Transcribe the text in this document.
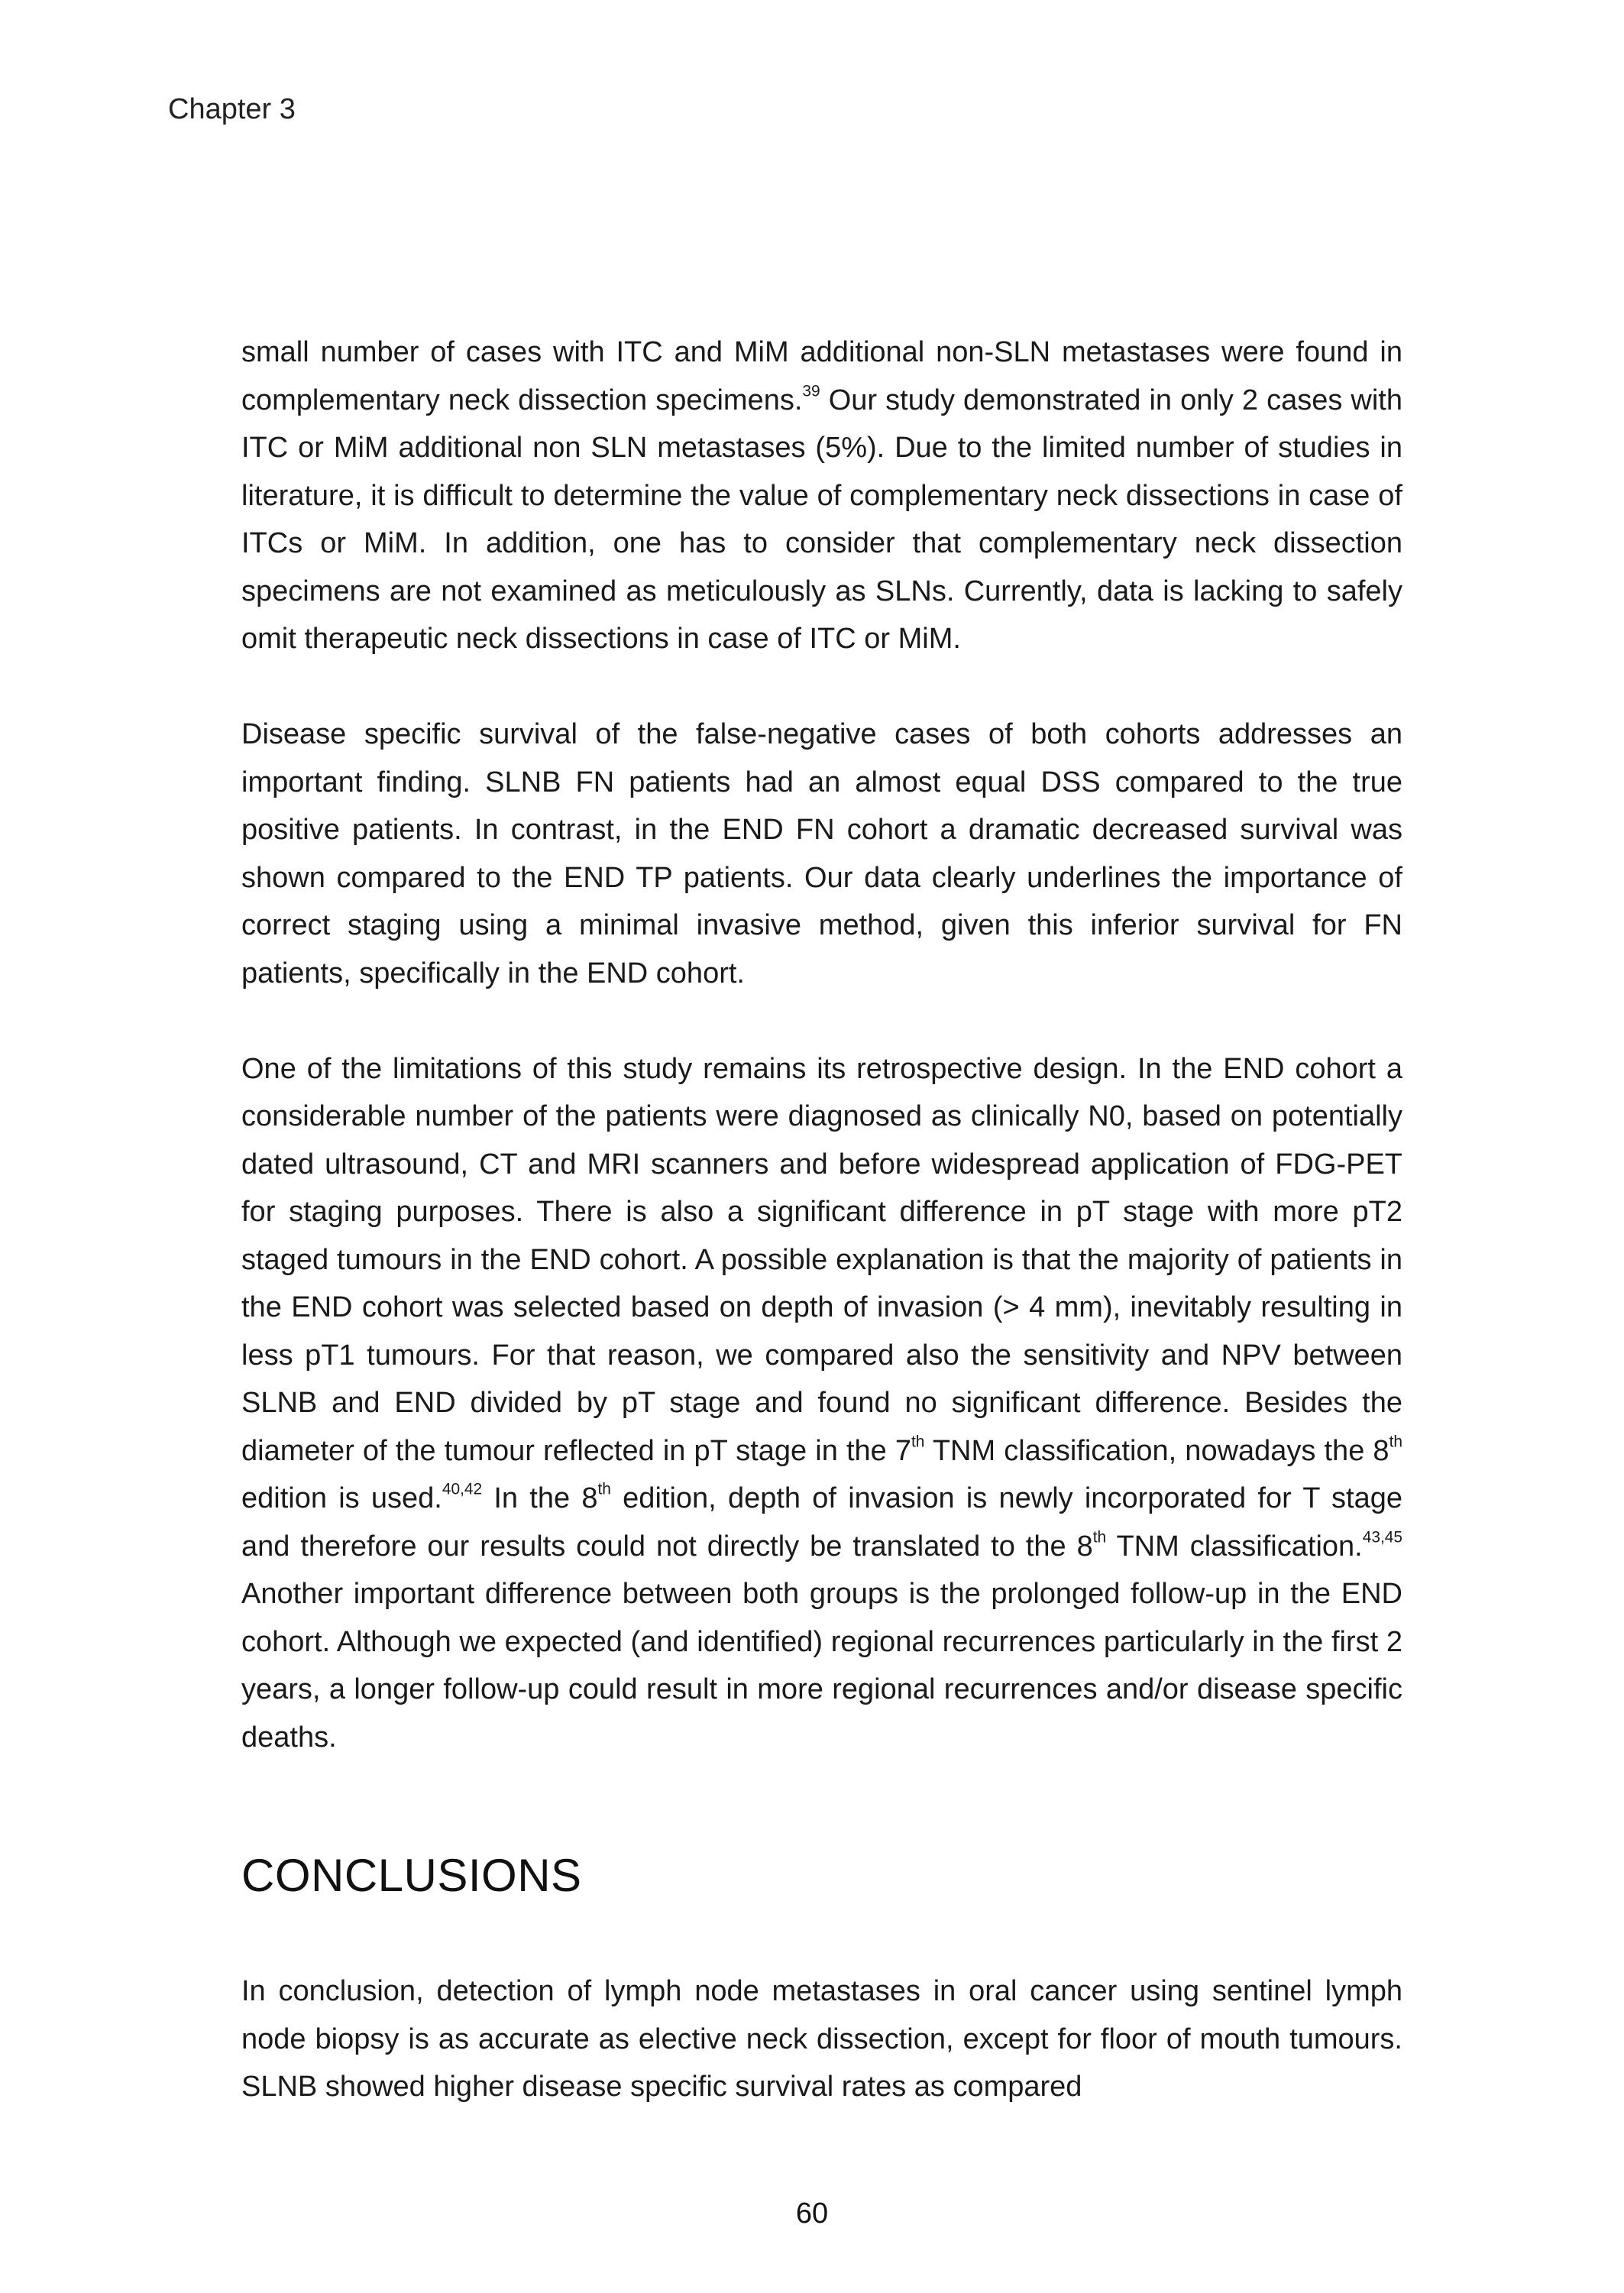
Chapter 3

small number of cases with ITC and MiM additional non-SLN metastases were found in complementary neck dissection specimens.$^{39}$ Our study demonstrated in only 2 cases with ITC or MiM additional non SLN metastases (5%). Due to the limited number of studies in literature, it is difficult to determine the value of complementary neck dissections in case of ITCs or MiM. In addition, one has to consider that complementary neck dissection specimens are not examined as meticulously as SLNs. Currently, data is lacking to safely omit therapeutic neck dissections in case of ITC or MiM.

Disease specific survival of the false-negative cases of both cohorts addresses an important finding. SLNB FN patients had an almost equal DSS compared to the true positive patients. In contrast, in the END FN cohort a dramatic decreased survival was shown compared to the END TP patients. Our data clearly underlines the importance of correct staging using a minimal invasive method, given this inferior survival for FN patients, specifically in the END cohort.

One of the limitations of this study remains its retrospective design. In the END cohort a considerable number of the patients were diagnosed as clinically N0, based on potentially dated ultrasound, CT and MRI scanners and before widespread application of FDG-PET for staging purposes. There is also a significant difference in pT stage with more pT2 staged tumours in the END cohort. A possible explanation is that the majority of patients in the END cohort was selected based on depth of invasion (> 4 mm), inevitably resulting in less pT1 tumours. For that reason, we compared also the sensitivity and NPV between SLNB and END divided by pT stage and found no significant difference. Besides the diameter of the tumour reflected in pT stage in the 7th TNM classification, nowadays the 8th edition is used.$^{40,42}$ In the 8th edition, depth of invasion is newly incorporated for T stage and therefore our results could not directly be translated to the 8th TNM classification.$^{43,45}$ Another important difference between both groups is the prolonged follow-up in the END cohort. Although we expected (and identified) regional recurrences particularly in the first 2 years, a longer follow-up could result in more regional recurrences and/or disease specific deaths.

CONCLUSIONS

In conclusion, detection of lymph node metastases in oral cancer using sentinel lymph node biopsy is as accurate as elective neck dissection, except for floor of mouth tumours. SLNB showed higher disease specific survival rates as compared

60
